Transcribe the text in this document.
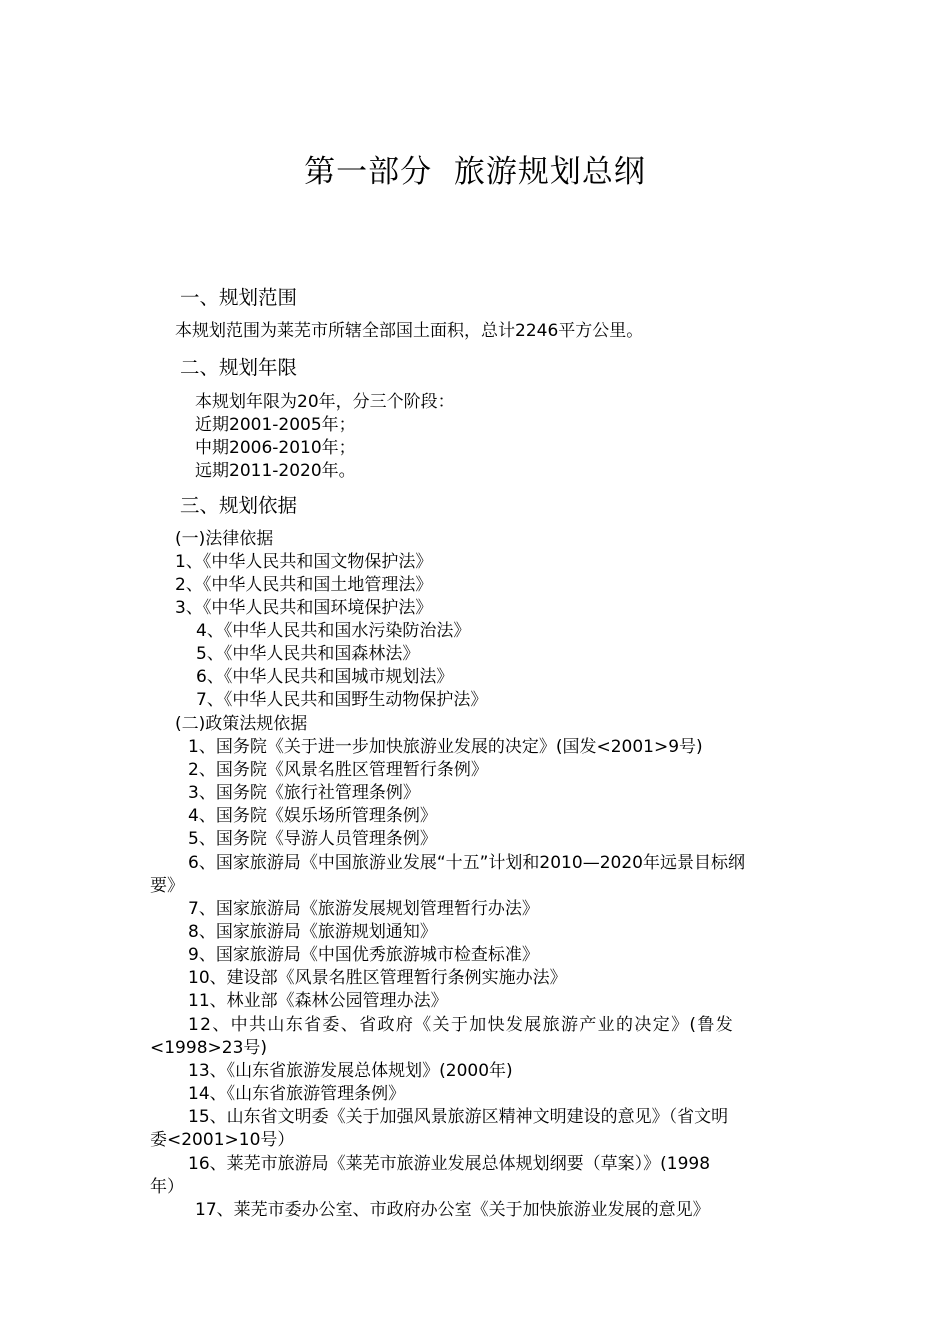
第一部分  旅游规划总纲
一、规划范围
本规划范围为莱芜市所辖全部国土面积，总计2246平方公里。
二、规划年限
本规划年限为20年，分三个阶段：
近期2001-2005年；
中期2006-2010年；
远期2011-2020年。
三、规划依据
(一)法律依据
1、《中华人民共和国文物保护法》
2、《中华人民共和国土地管理法》
3、《中华人民共和国环境保护法》
4、《中华人民共和国水污染防治法》
5、《中华人民共和国森林法》
6、《中华人民共和国城市规划法》
7、《中华人民共和国野生动物保护法》
(二)政策法规依据
1、国务院《关于进一步加快旅游业发展的决定》(国发<2001>9号)
2、国务院《风景名胜区管理暂行条例》
3、国务院《旅行社管理条例》
4、国务院《娱乐场所管理条例》
5、国务院《导游人员管理条例》
6、国家旅游局《中国旅游业发展“十五”计划和2010—2020年远景目标纲
要》
7、国家旅游局《旅游发展规划管理暂行办法》
8、国家旅游局《旅游规划通知》
9、国家旅游局《中国优秀旅游城市检查标准》
10、建设部《风景名胜区管理暂行条例实施办法》
11、林业部《森林公园管理办法》
12、中共山东省委、省政府《关于加快发展旅游产业的决定》(鲁发
<1998>23号)
13、《山东省旅游发展总体规划》(2000年)
14、《山东省旅游管理条例》
15、山东省文明委《关于加强风景旅游区精神文明建设的意见》（省文明
委<2001>10号）
16、莱芜市旅游局《莱芜市旅游业发展总体规划纲要（草案）》(1998
年）
17、莱芜市委办公室、市政府办公室《关于加快旅游业发展的意见》
